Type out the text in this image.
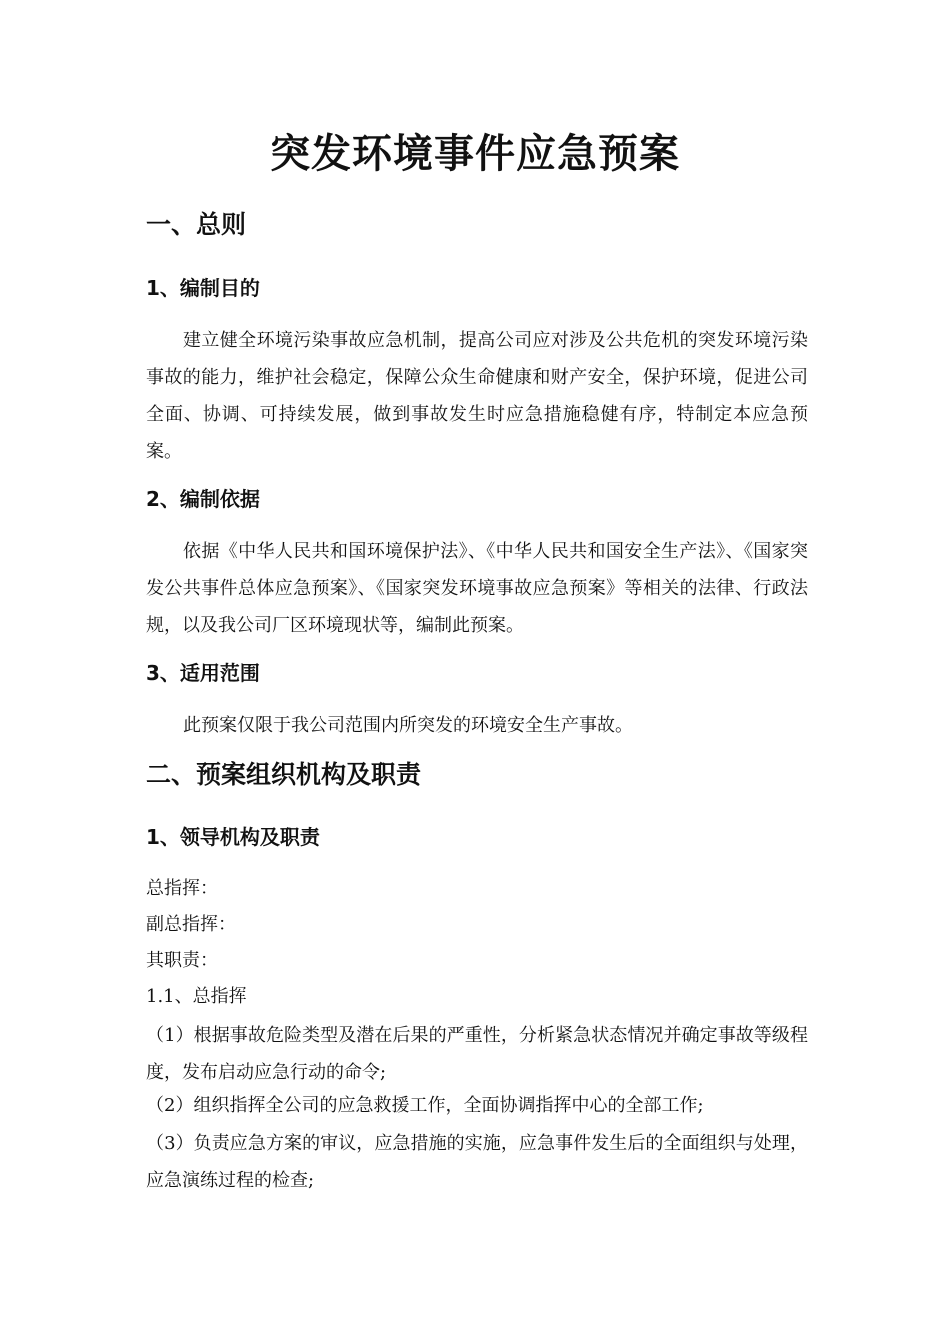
突发环境事件应急预案
一、总则
1、编制目的

建立健全环境污染事故应急机制，提高公司应对涉及公共危机的突发环境污染事故的能力，维护社会稳定，保障公众生命健康和财产安全，保护环境，促进公司全面、协调、可持续发展，做到事故发生时应急措施稳健有序，特制定本应急预案。

2、编制依据

依据《中华人民共和国环境保护法》、《中华人民共和国安全生产法》、《国家突发公共事件总体应急预案》、《国家突发环境事故应急预案》等相关的法律、行政法规，以及我公司厂区环境现状等，编制此预案。

3、适用范围

此预案仅限于我公司范围内所突发的环境安全生产事故。

二、预案组织机构及职责
1、领导机构及职责

总指挥：

副总指挥：

其职责：

1.1、总指挥

（1）根据事故危险类型及潜在后果的严重性，分析紧急状态情况并确定事故等级程度，发布启动应急行动的命令;

（2）组织指挥全公司的应急救援工作，全面协调指挥中心的全部工作;

（3）负责应急方案的审议，应急措施的实施，应急事件发生后的全面组织与处理，应急演练过程的检查;
